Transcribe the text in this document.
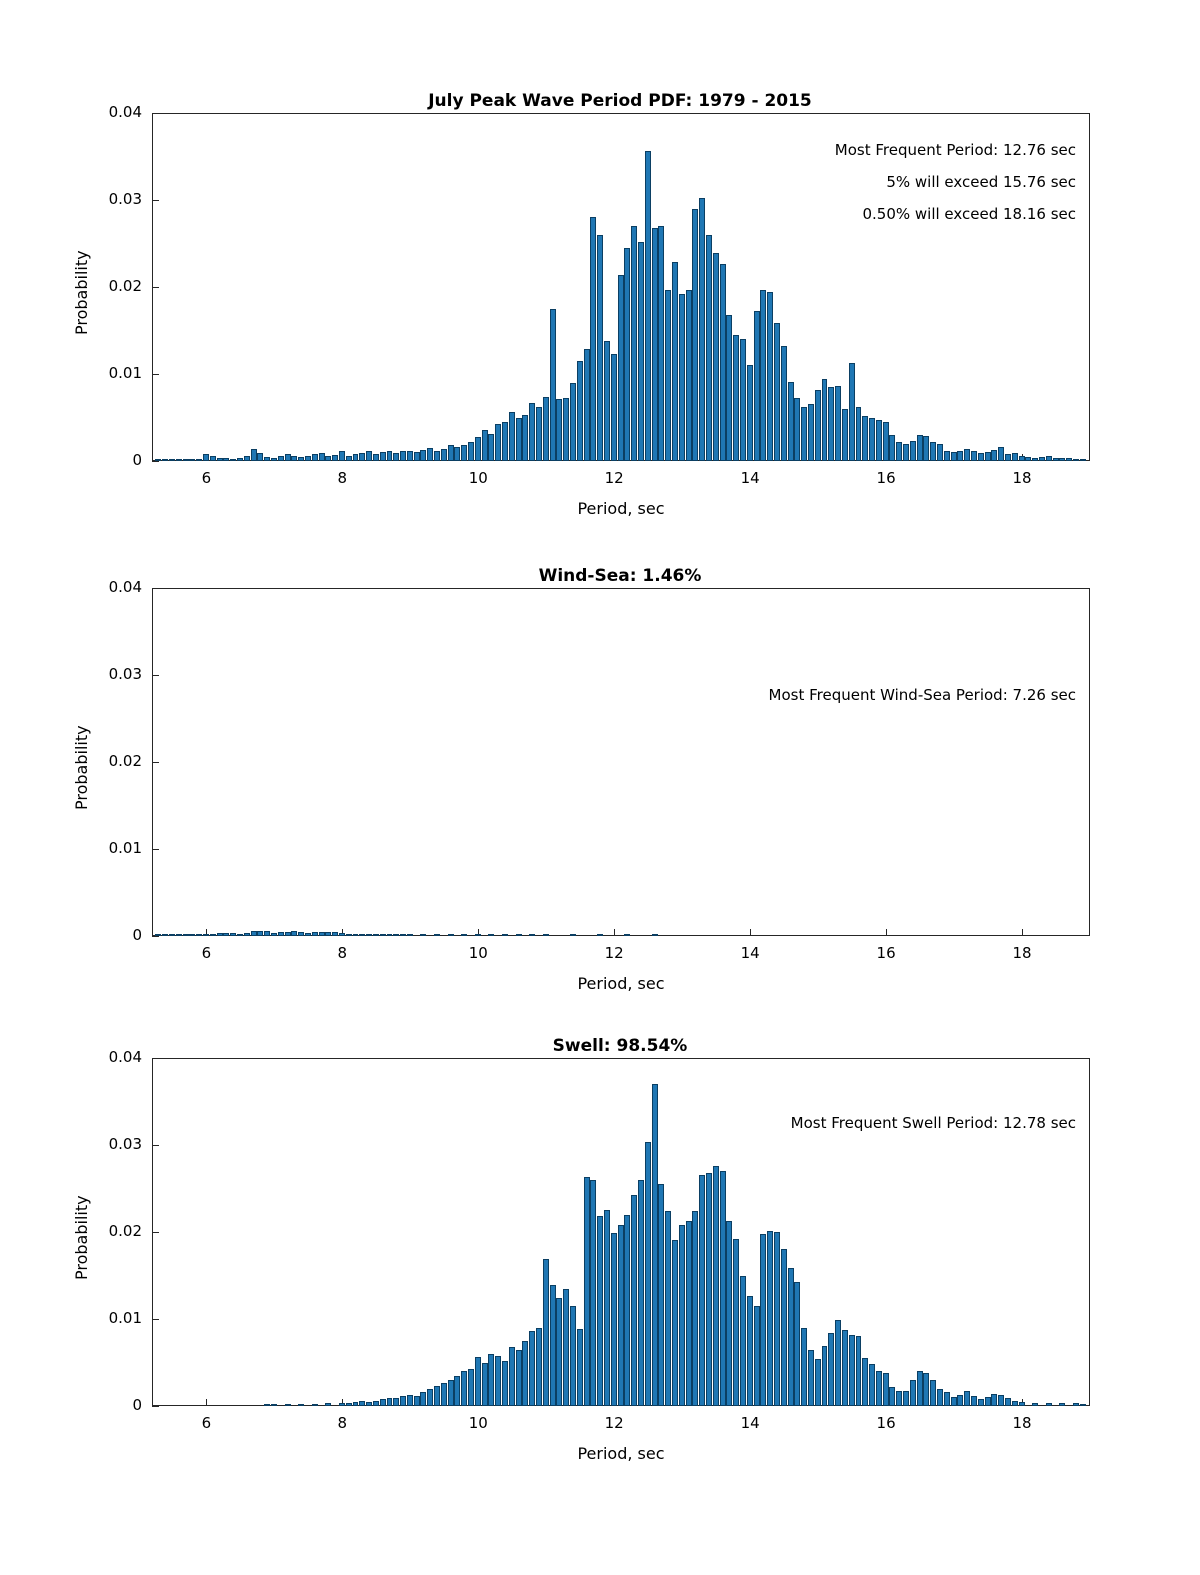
July Peak Wave Period PDF: 1979 - 2015
Probability
Period, sec
Most Frequent Period: 12.76 sec
5% will exceed 15.76 sec
0.50% will exceed 18.16 sec
0.04
0.03
0.02
0.01
0
6	8	10	12	14	16	18
Wind-Sea: 1.46%
Probability
Period, sec
Most Frequent Wind-Sea Period: 7.26 sec
0.04
0.03
0.02
0.01
0
6	8	10	12	14	16	18
Swell: 98.54%
Probability
Period, sec
Most Frequent Swell Period: 12.78 sec
0.04
0.03
0.02
0.01
0
6	8	10	12	14	16	18
